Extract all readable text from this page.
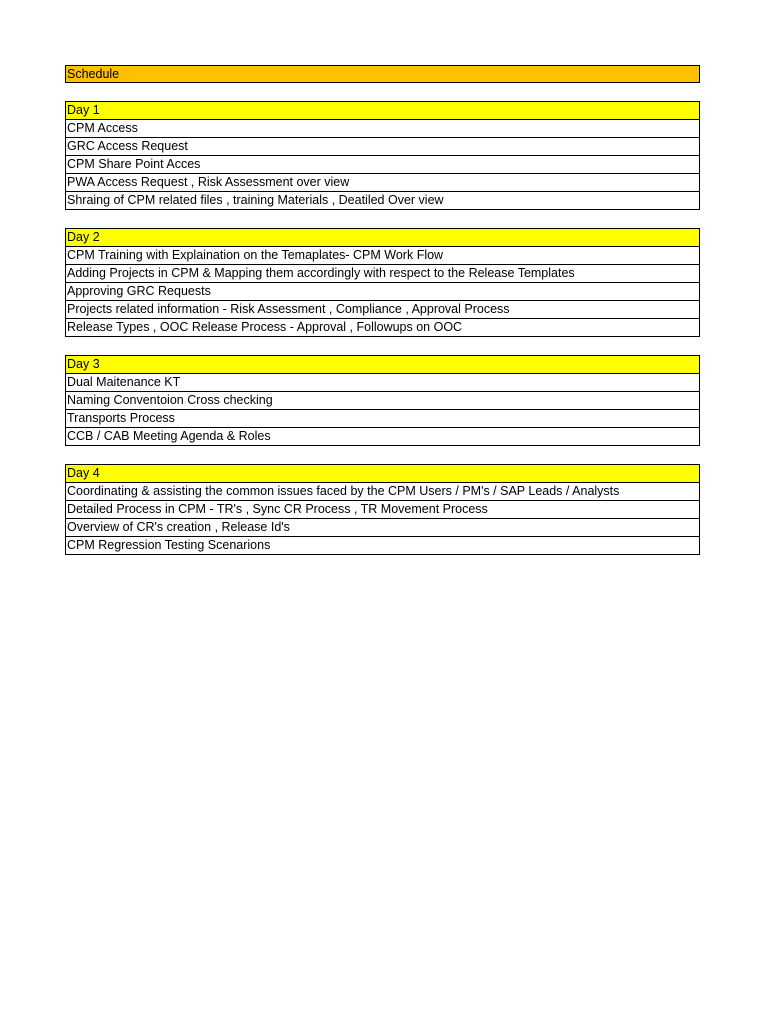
Schedule
Day 1
CPM Access
GRC Access Request
CPM Share Point Acces
PWA Access Request , Risk Assessment over view
Shraing of CPM related files , training Materials , Deatiled Over view
Day 2
CPM Training with Explaination on the Temaplates- CPM Work Flow
Adding Projects in CPM & Mapping them accordingly with respect to the Release Templates
Approving GRC Requests
Projects related information - Risk Assessment , Compliance , Approval Process
Release Types , OOC Release Process - Approval , Followups on OOC
Day 3
Dual Maitenance KT
Naming Conventoion Cross checking
Transports Process
CCB / CAB Meeting Agenda & Roles
Day 4
Coordinating & assisting the common issues faced by the CPM Users / PM's / SAP Leads / Analysts
Detailed Process in CPM - TR's , Sync CR Process , TR Movement Process
Overview of CR's creation , Release Id's
CPM Regression Testing Scenarions
